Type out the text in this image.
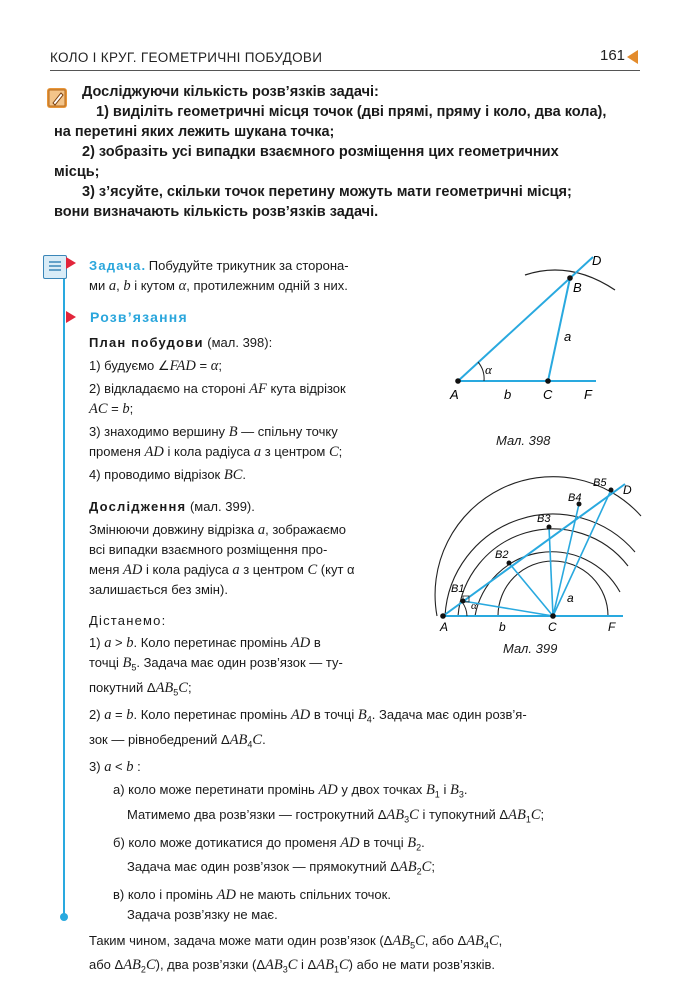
КОЛО І КРУГ. ГЕОМЕТРИЧНІ ПОБУДОВИ	161
Досліджуючи кількість розв’язків задачі:
1) виділіть геометричні місця точок (дві прямі, пряму і коло, два кола),
на перетині яких лежить шукана точка;
2) зобразіть усі випадки взаємного розміщення цих геометричних
місць;
3) з’ясуйте, скільки точок перетину можуть мати геометричні місця;
вони визначають кількість розв’язків задачі.
Задача. Побудуйте трикутник за сторона-
ми a, b і кутом α, протилежним одній з них.
Розв’язання
План побудови (мал. 398):
1) будуємо ∠FAD = α;
2) відкладаємо на стороні AF кута відрізок
AC = b;
3) знаходимо вершину B — спільну точку
променя AD і кола радіуса a з центром C;
4) проводимо відрізок BC.
Дослідження (мал. 399).
Змінюючи довжину відрізка a, зображаємо
всі випадки взаємного розміщення про-
меня AD і кола радіуса a з центром C (кут α
залишається без змін).
Дістанемо:
1) a > b. Коло перетинає промінь AD в
точці $B_5$. Задача має один розв’язок — ту-
покутний $\Delta AB_5C$;
2) a = b. Коло перетинає промінь AD в точці $B_4$. Задача має один розв’я-
зок — рівнобедрений $\Delta AB_4C$.
3) a < b :
а) коло може перетинати промінь AD у двох точках $B_1$ і $B_3$.
Матимемо два розв’язки — гострокутний $\Delta AB_3C$ і тупокутний $\Delta AB_1C$;
б) коло може дотикатися до променя AD в точці $B_2$.
Задача має один розв’язок — прямокутний $\Delta AB_2C$;
в) коло і промінь AD не мають спільних точок.
Задача розв’язку не має.
Таким чином, задача може мати один розв’язок ($\Delta AB_5C$, або $\Delta AB_4C$,
або $\Delta AB_2C$), два розв’язки ($\Delta AB_3C$ і $\Delta AB_1C$) або не мати розв’язків.
A	b C F
B
D
a
α
Мал. 398
A	b	C	F
D
a
α
B1
B2
B3
B4
B5
Мал. 399
